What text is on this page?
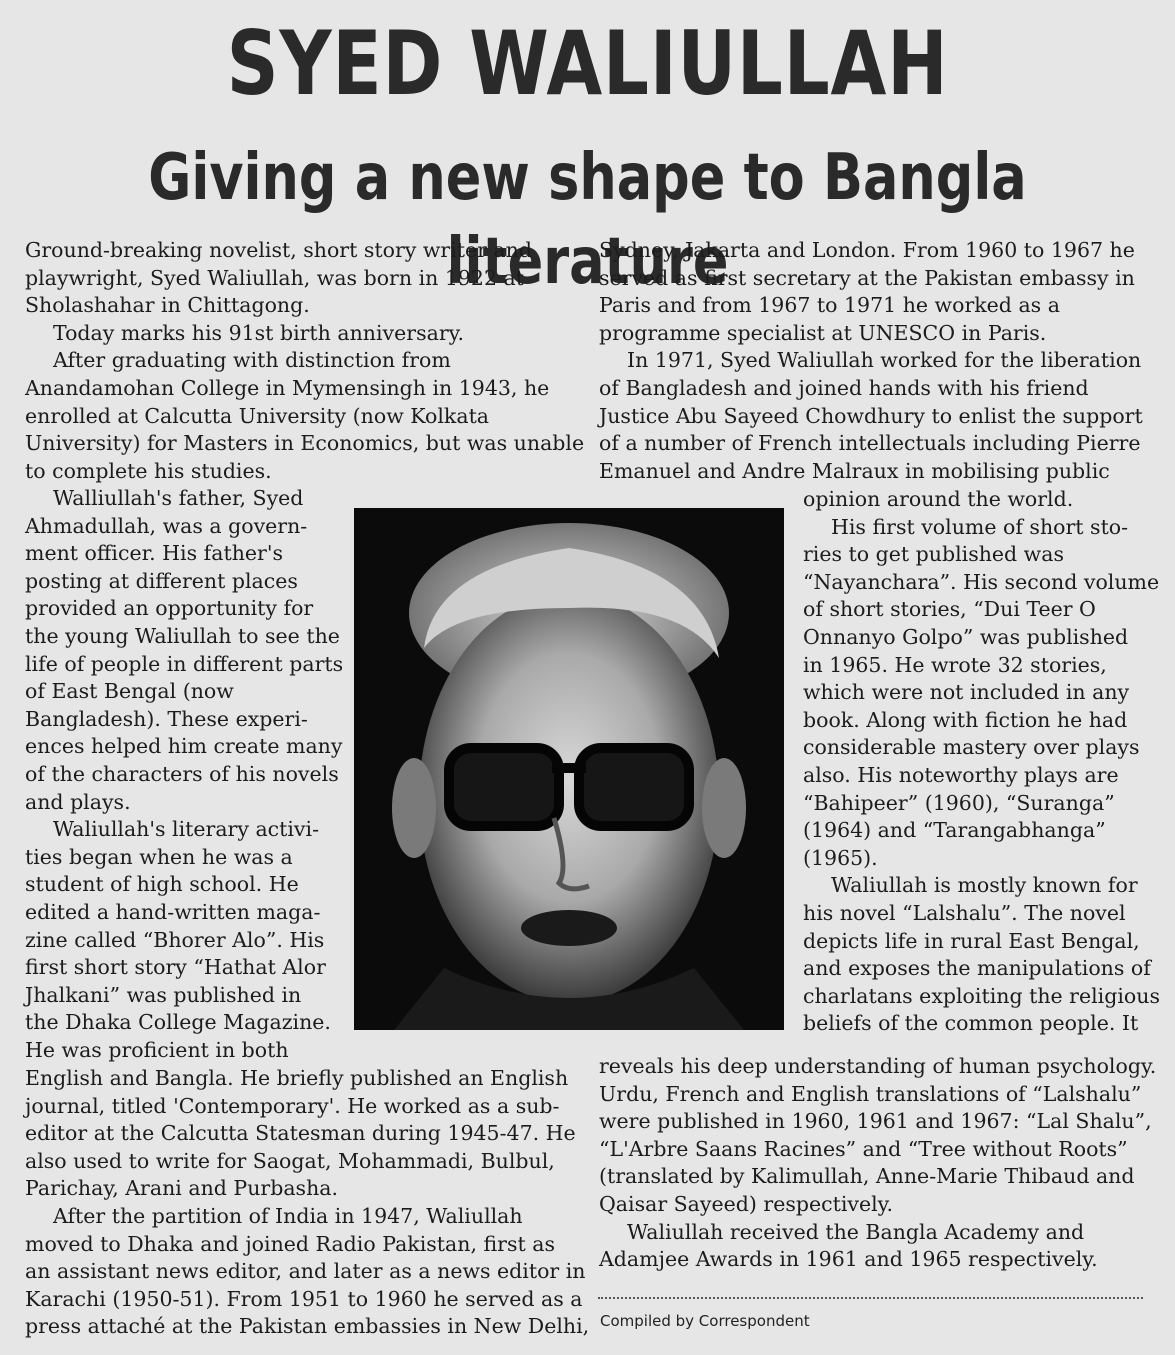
SYED WALIULLAH
Giving a new shape to Bangla literature
Ground-breaking novelist, short story writer and
playwright, Syed Waliullah, was born in 1922 at
Sholashahar in Chittagong.
Today marks his 91st birth anniversary.
After graduating with distinction from
Anandamohan College in Mymensingh in 1943, he
enrolled at Calcutta University (now Kolkata
University) for Masters in Economics, but was unable
to complete his studies.
Walliullah's father, Syed
Ahmadullah, was a govern-
ment officer. His father's
posting at different places
provided an opportunity for
the young Waliullah to see the
life of people in different parts
of East Bengal (now
Bangladesh). These experi-
ences helped him create many
of the characters of his novels
and plays.
Waliullah's literary activi-
ties began when he was a
student of high school. He
edited a hand-written maga-
zine called “Bhorer Alo”. His
first short story “Hathat Alor
Jhalkani” was published in
the Dhaka College Magazine.
He was proficient in both
English and Bangla. He briefly published an English
journal, titled 'Contemporary'. He worked as a sub-
editor at the Calcutta Statesman during 1945-47. He
also used to write for Saogat, Mohammadi, Bulbul,
Parichay, Arani and Purbasha.
After the partition of India in 1947, Waliullah
moved to Dhaka and joined Radio Pakistan, first as
an assistant news editor, and later as a news editor in
Karachi (1950-51). From 1951 to 1960 he served as a
press attaché at the Pakistan embassies in New Delhi,
Sydney, Jakarta and London. From 1960 to 1967 he
served as first secretary at the Pakistan embassy in
Paris and from 1967 to 1971 he worked as a
programme specialist at UNESCO in Paris.
In 1971, Syed Waliullah worked for the liberation
of Bangladesh and joined hands with his friend
Justice Abu Sayeed Chowdhury to enlist the support
of a number of French intellectuals including Pierre
Emanuel and Andre Malraux in mobilising public
opinion around the world.
His first volume of short sto-
ries to get published was
“Nayanchara”. His second volume
of short stories, “Dui Teer O
Onnanyo Golpo” was published
in 1965. He wrote 32 stories,
which were not included in any
book. Along with fiction he had
considerable mastery over plays
also. His noteworthy plays are
“Bahipeer” (1960), “Suranga”
(1964) and “Tarangabhanga”
(1965).
Waliullah is mostly known for
his novel “Lalshalu”. The novel
depicts life in rural East Bengal,
and exposes the manipulations of
charlatans exploiting the religious
beliefs of the common people. It
reveals his deep understanding of human psychology.
Urdu, French and English translations of “Lalshalu”
were published in 1960, 1961 and 1967: “Lal Shalu”,
“L'Arbre Saans Racines” and “Tree without Roots”
(translated by Kalimullah, Anne-Marie Thibaud and
Qaisar Sayeed) respectively.
Waliullah received the Bangla Academy and
Adamjee Awards in 1961 and 1965 respectively.
Compiled by Correspondent
